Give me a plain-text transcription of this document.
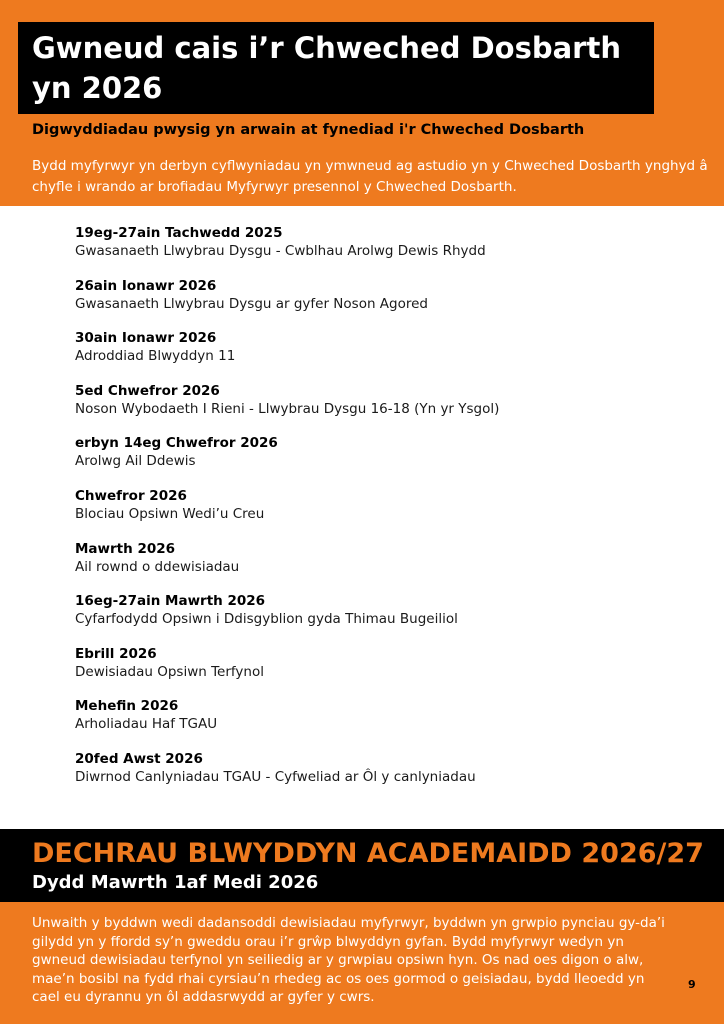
Gwneud cais i’r Chweched Dosbarth yn 2026

Digwyddiadau pwysig yn arwain at fynediad i'r Chweched Dosbarth

Bydd myfyrwyr yn derbyn cyflwyniadau yn ymwneud ag astudio yn y Chweched Dosbarth ynghyd â chyfle i wrando ar brofiadau Myfyrwyr presennol y Chweched Dosbarth.

19eg-27ain Tachwedd 2025
Gwasanaeth Llwybrau Dysgu - Cwblhau Arolwg Dewis Rhydd
26ain Ionawr 2026
Gwasanaeth Llwybrau Dysgu ar gyfer Noson Agored
30ain Ionawr 2026
Adroddiad Blwyddyn 11
5ed Chwefror 2026
Noson Wybodaeth I Rieni - Llwybrau Dysgu 16-18 (Yn yr Ysgol)
erbyn 14eg Chwefror 2026
Arolwg Ail Ddewis
Chwefror 2026
Blociau Opsiwn Wedi’u Creu
Mawrth 2026
Ail rownd o ddewisiadau
16eg-27ain Mawrth 2026
Cyfarfodydd Opsiwn i Ddisgyblion gyda Thimau Bugeiliol
Ebrill 2026
Dewisiadau Opsiwn Terfynol
Mehefin 2026
Arholiadau Haf TGAU
20fed Awst 2026
Diwrnod Canlyniadau TGAU - Cyfweliad ar Ôl y canlyniadau
DECHRAU BLWYDDYN ACADEMAIDD 2026/27
Dydd Mawrth 1af Medi 2026

Unwaith y byddwn wedi dadansoddi dewisiadau myfyrwyr, byddwn yn grwpio pynciau gy-da’i gilydd yn y ffordd sy’n gweddu orau i’r grŵp blwyddyn gyfan. Bydd myfyrwyr wedyn yn gwneud dewisiadau terfynol yn seiliedig ar y grwpiau opsiwn hyn. Os nad oes digon o alw, mae’n bosibl na fydd rhai cyrsiau’n rhedeg ac os oes gormod o geisiadau, bydd lleoedd yn cael eu dyrannu yn ôl addasrwydd ar gyfer y cwrs.

9
